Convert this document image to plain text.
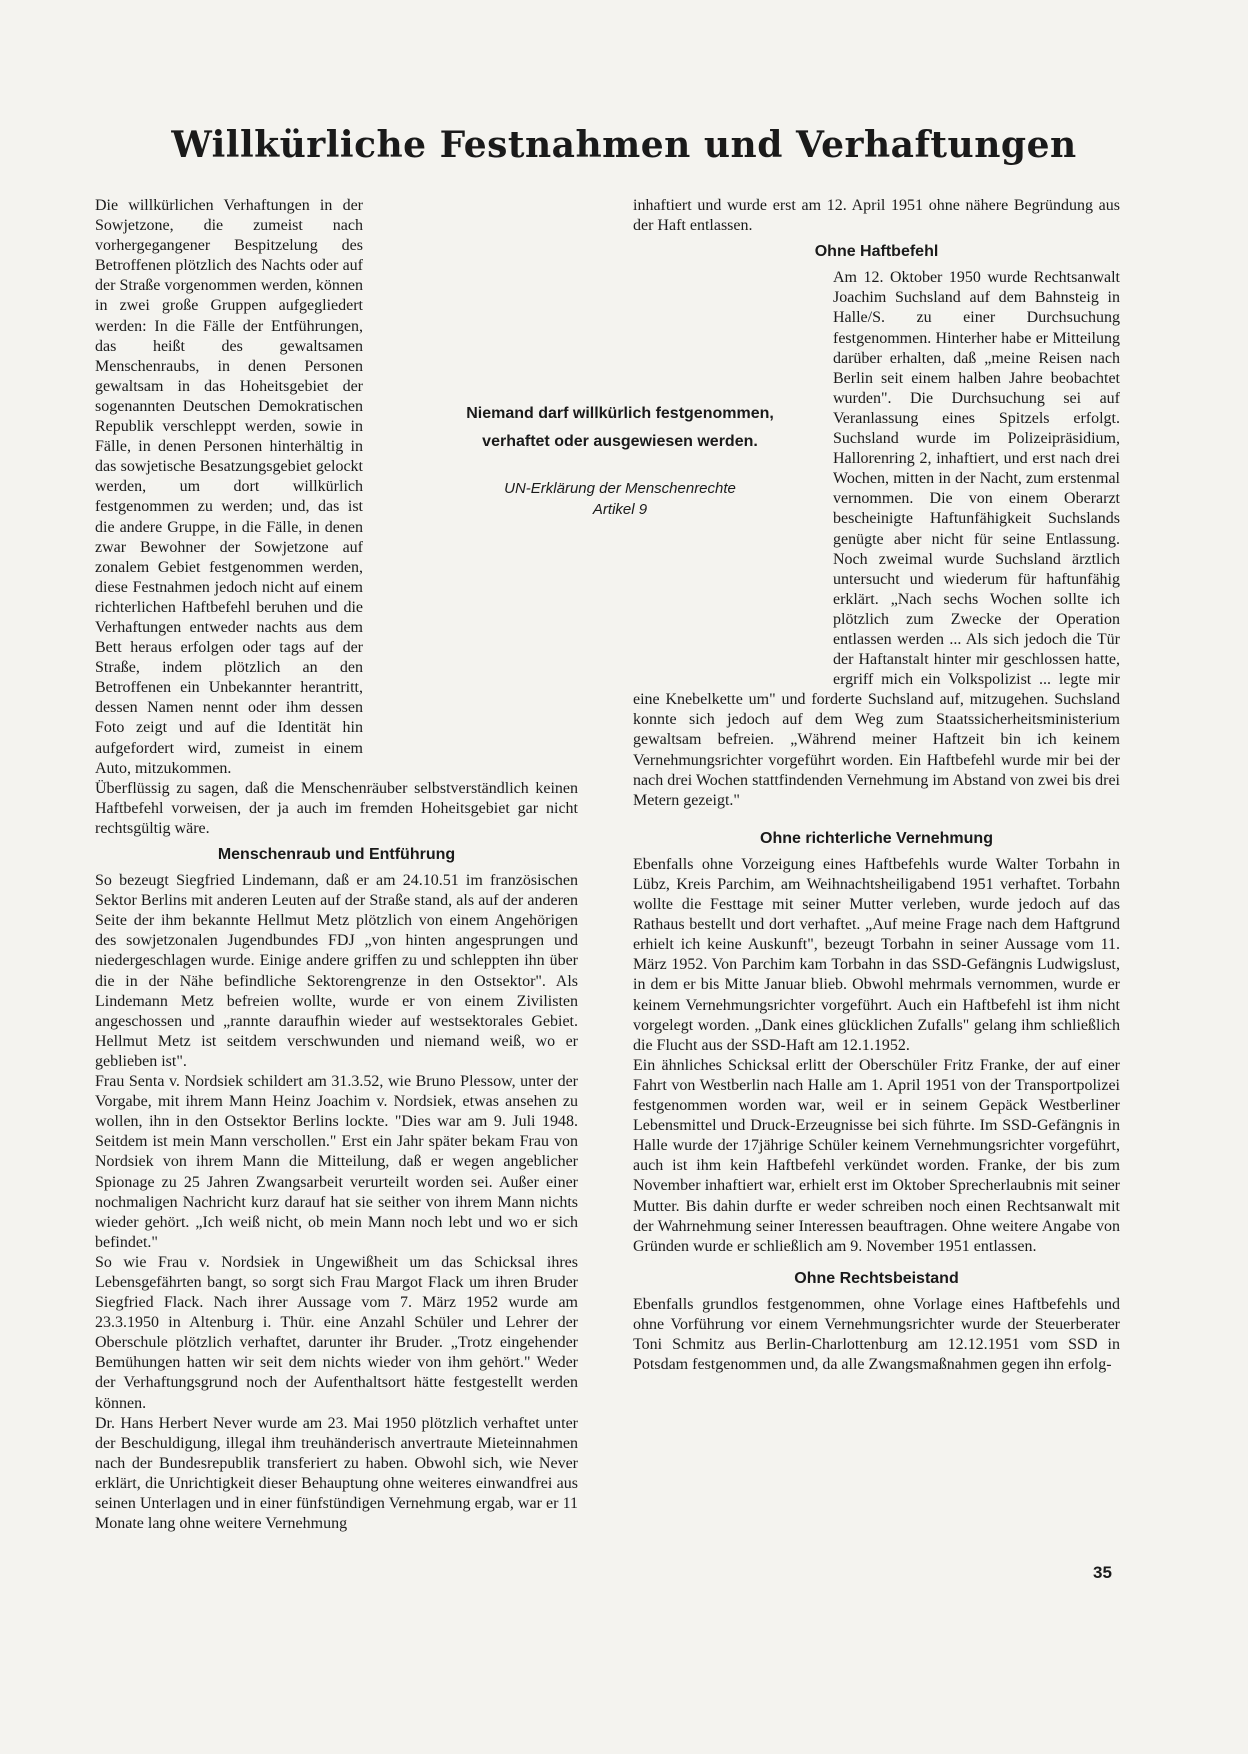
Willkürliche Festnahmen und Verhaftungen

Die willkürlichen Verhaftungen in der Sowjetzone, die zumeist nach vorhergegangener Bespitzelung des Betroffenen plötzlich des Nachts oder auf der Straße vorgenommen werden, können in zwei große Gruppen aufgegliedert werden: In die Fälle der Entführungen, das heißt des gewaltsamen Menschenraubs, in denen Personen gewaltsam in das Hoheitsgebiet der sogenannten Deutschen Demokratischen Republik verschleppt werden, sowie in Fälle, in denen Personen hinterhältig in das sowjetische Besatzungsgebiet gelockt werden, um dort willkürlich festgenommen zu werden; und, das ist die andere Gruppe, in die Fälle, in denen zwar Bewohner der Sowjetzone auf zonalem Gebiet festgenommen werden, diese Festnahmen jedoch nicht auf einem richterlichen Haftbefehl beruhen und die Verhaftungen entweder nachts aus dem Bett heraus erfolgen oder tags auf der Straße, indem plötzlich an den Betroffenen ein Unbekannter herantritt, dessen Namen nennt oder ihm dessen Foto zeigt und auf die Identität hin aufgefordert wird, zumeist in einem Auto, mitzukommen.

Überflüssig zu sagen, daß die Menschenräuber selbstverständlich keinen Haftbefehl vorweisen, der ja auch im fremden Hoheitsgebiet gar nicht rechtsgültig wäre.

Menschenraub und Entführung

So bezeugt Siegfried Lindemann, daß er am 24.10.51 im französischen Sektor Berlins mit anderen Leuten auf der Straße stand, als auf der anderen Seite der ihm bekannte Hellmut Metz plötzlich von einem Angehörigen des sowjetzonalen Jugendbundes FDJ „von hinten angesprungen und niedergeschlagen wurde. Einige andere griffen zu und schleppten ihn über die in der Nähe befindliche Sektorengrenze in den Ostsektor". Als Lindemann Metz befreien wollte, wurde er von einem Zivilisten angeschossen und „rannte daraufhin wieder auf westsektorales Gebiet. Hellmut Metz ist seitdem verschwunden und niemand weiß, wo er geblieben ist".

Frau Senta v. Nordsiek schildert am 31.3.52, wie Bruno Plessow, unter der Vorgabe, mit ihrem Mann Heinz Joachim v. Nordsiek, etwas ansehen zu wollen, ihn in den Ostsektor Berlins lockte. "Dies war am 9. Juli 1948. Seitdem ist mein Mann verschollen." Erst ein Jahr später bekam Frau von Nordsiek von ihrem Mann die Mitteilung, daß er wegen angeblicher Spionage zu 25 Jahren Zwangsarbeit verurteilt worden sei. Außer einer nochmaligen Nachricht kurz darauf hat sie seither von ihrem Mann nichts wieder gehört. „Ich weiß nicht, ob mein Mann noch lebt und wo er sich befindet."

So wie Frau v. Nordsiek in Ungewißheit um das Schicksal ihres Lebensgefährten bangt, so sorgt sich Frau Margot Flack um ihren Bruder Siegfried Flack. Nach ihrer Aussage vom 7. März 1952 wurde am 23.3.1950 in Altenburg i. Thür. eine Anzahl Schüler und Lehrer der Oberschule plötzlich verhaftet, darunter ihr Bruder. „Trotz eingehender Bemühungen hatten wir seit dem nichts wieder von ihm gehört." Weder der Verhaftungsgrund noch der Aufenthaltsort hätte festgestellt werden können.

Dr. Hans Herbert Never wurde am 23. Mai 1950 plötzlich verhaftet unter der Beschuldigung, illegal ihm treuhänderisch anvertraute Mieteinnahmen nach der Bundesrepublik transferiert zu haben. Obwohl sich, wie Never erklärt, die Unrichtigkeit dieser Behauptung ohne weiteres einwandfrei aus seinen Unterlagen und in einer fünfstündigen Vernehmung ergab, war er 11 Monate lang ohne weitere Vernehmung

inhaftiert und wurde erst am 12. April 1951 ohne nähere Begründung aus der Haft entlassen.

Ohne Haftbefehl

Am 12. Oktober 1950 wurde Rechtsanwalt Joachim Suchsland auf dem Bahnsteig in Halle/S. zu einer Durchsuchung festgenommen. Hinterher habe er Mitteilung darüber erhalten, daß „meine Reisen nach Berlin seit einem halben Jahre beobachtet wurden". Die Durchsuchung sei auf Veranlassung eines Spitzels erfolgt. Suchsland wurde im Polizeipräsidium, Hallorenring 2, inhaftiert, und erst nach drei Wochen, mitten in der Nacht, zum erstenmal vernommen. Die von einem Oberarzt bescheinigte Haftunfähigkeit Suchslands genügte aber nicht für seine Entlassung. Noch zweimal wurde Suchsland ärztlich untersucht und wiederum für haftunfähig erklärt. „Nach sechs Wochen sollte ich plötzlich zum Zwecke der Operation entlassen werden ... Als sich jedoch die Tür der Haftanstalt hinter mir geschlossen hatte, ergriff mich ein Volkspolizist ... legte mir eine Knebelkette um" und forderte Suchsland auf, mitzugehen. Suchsland konnte sich jedoch auf dem Weg zum Staatssicherheitsministerium gewaltsam befreien. „Während meiner Haftzeit bin ich keinem Vernehmungsrichter vorgeführt worden. Ein Haftbefehl wurde mir bei der nach drei Wochen stattfindenden Vernehmung im Abstand von zwei bis drei Metern gezeigt."

Ohne richterliche Vernehmung

Ebenfalls ohne Vorzeigung eines Haftbefehls wurde Walter Torbahn in Lübz, Kreis Parchim, am Weihnachtsheiligabend 1951 verhaftet. Torbahn wollte die Festtage mit seiner Mutter verleben, wurde jedoch auf das Rathaus bestellt und dort verhaftet. „Auf meine Frage nach dem Haftgrund erhielt ich keine Auskunft", bezeugt Torbahn in seiner Aussage vom 11. März 1952. Von Parchim kam Torbahn in das SSD-Gefängnis Ludwigslust, in dem er bis Mitte Januar blieb. Obwohl mehrmals vernommen, wurde er keinem Vernehmungsrichter vorgeführt. Auch ein Haftbefehl ist ihm nicht vorgelegt worden. „Dank eines glücklichen Zufalls" gelang ihm schließlich die Flucht aus der SSD-Haft am 12.1.1952.

Ein ähnliches Schicksal erlitt der Oberschüler Fritz Franke, der auf einer Fahrt von Westberlin nach Halle am 1. April 1951 von der Transportpolizei festgenommen worden war, weil er in seinem Gepäck Westberliner Lebensmittel und Druck-Erzeugnisse bei sich führte. Im SSD-Gefängnis in Halle wurde der 17jährige Schüler keinem Vernehmungsrichter vorgeführt, auch ist ihm kein Haftbefehl verkündet worden. Franke, der bis zum November inhaftiert war, erhielt erst im Oktober Sprecherlaubnis mit seiner Mutter. Bis dahin durfte er weder schreiben noch einen Rechtsanwalt mit der Wahrnehmung seiner Interessen beauftragen. Ohne weitere Angabe von Gründen wurde er schließlich am 9. November 1951 entlassen.

Ohne Rechtsbeistand

Ebenfalls grundlos festgenommen, ohne Vorlage eines Haftbefehls und ohne Vorführung vor einem Vernehmungsrichter wurde der Steuerberater Toni Schmitz aus Berlin-Charlottenburg am 12.12.1951 vom SSD in Potsdam festgenommen und, da alle Zwangsmaßnahmen gegen ihn erfolg-

Niemand darf willkürlich festgenommen,

verhaftet oder ausgewiesen werden.

UN-Erklärung der Menschenrechte
Artikel 9
35
